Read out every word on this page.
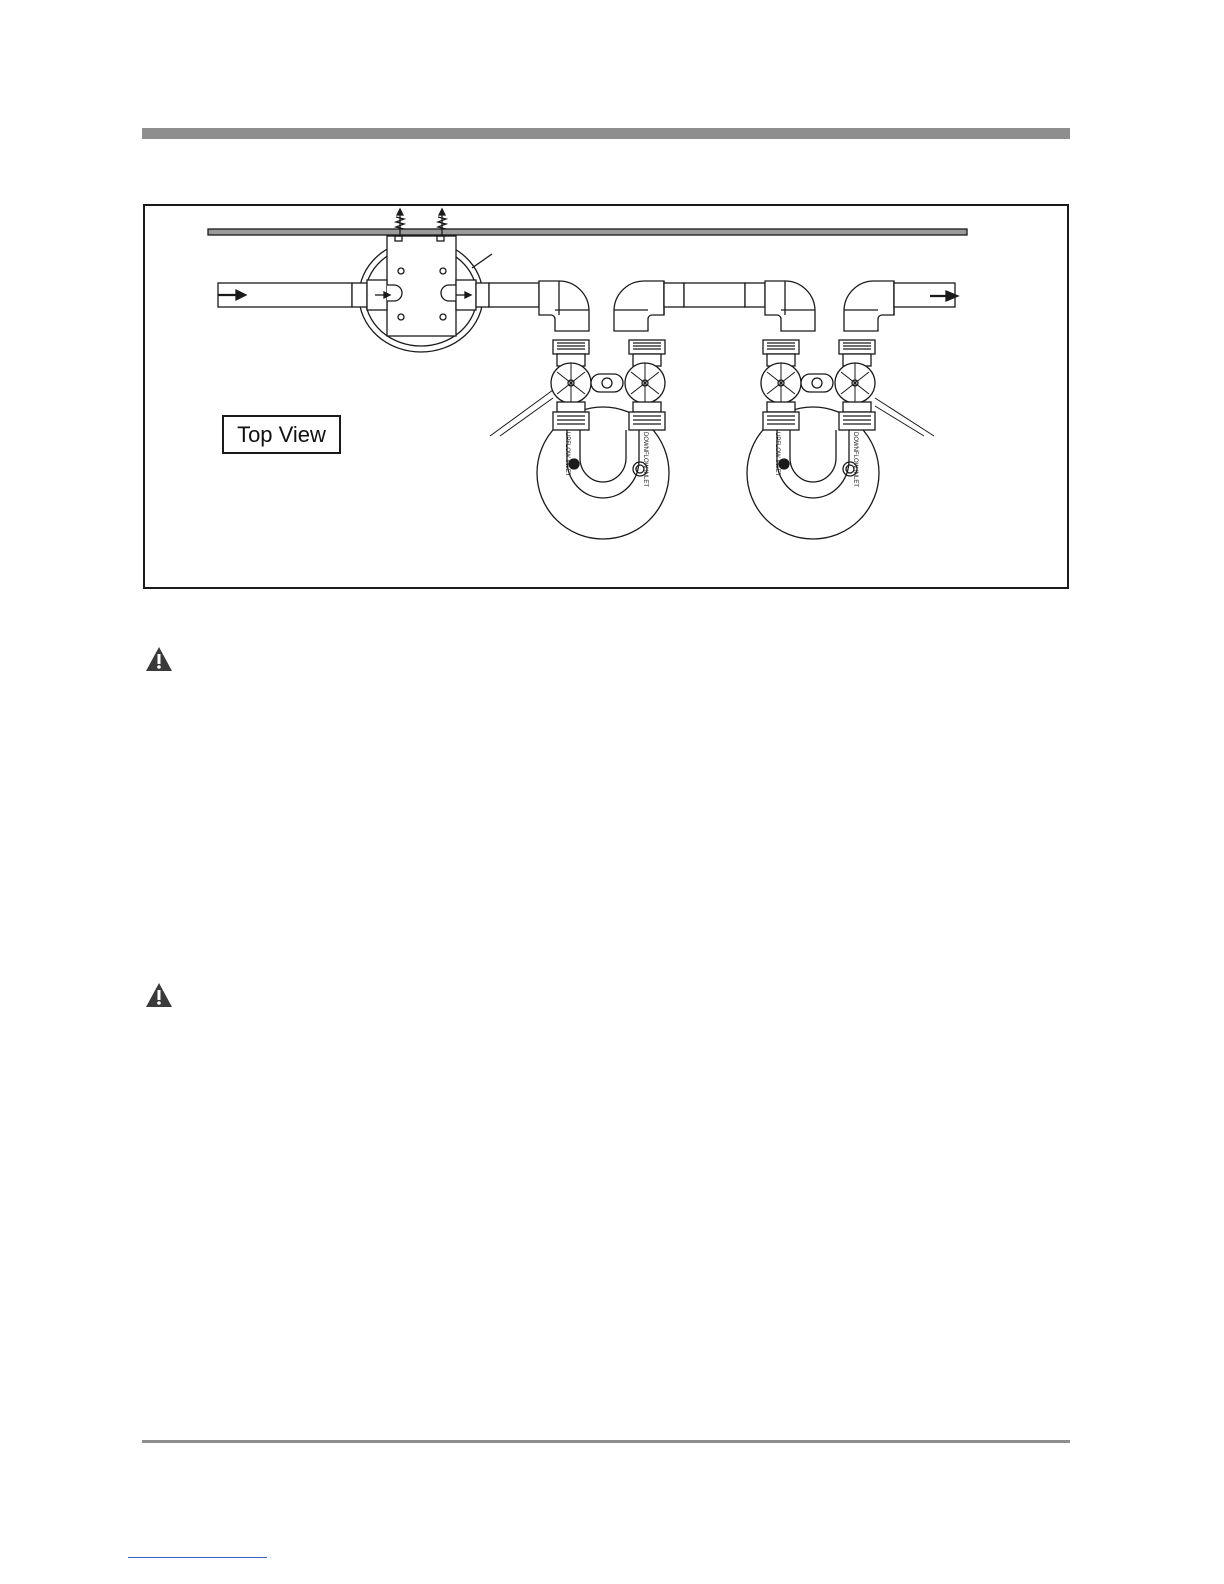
UPFLOW INLET	DOWNFLOW INLET	UPFLOW INLET	DOWNFLOW INLET
Top View
